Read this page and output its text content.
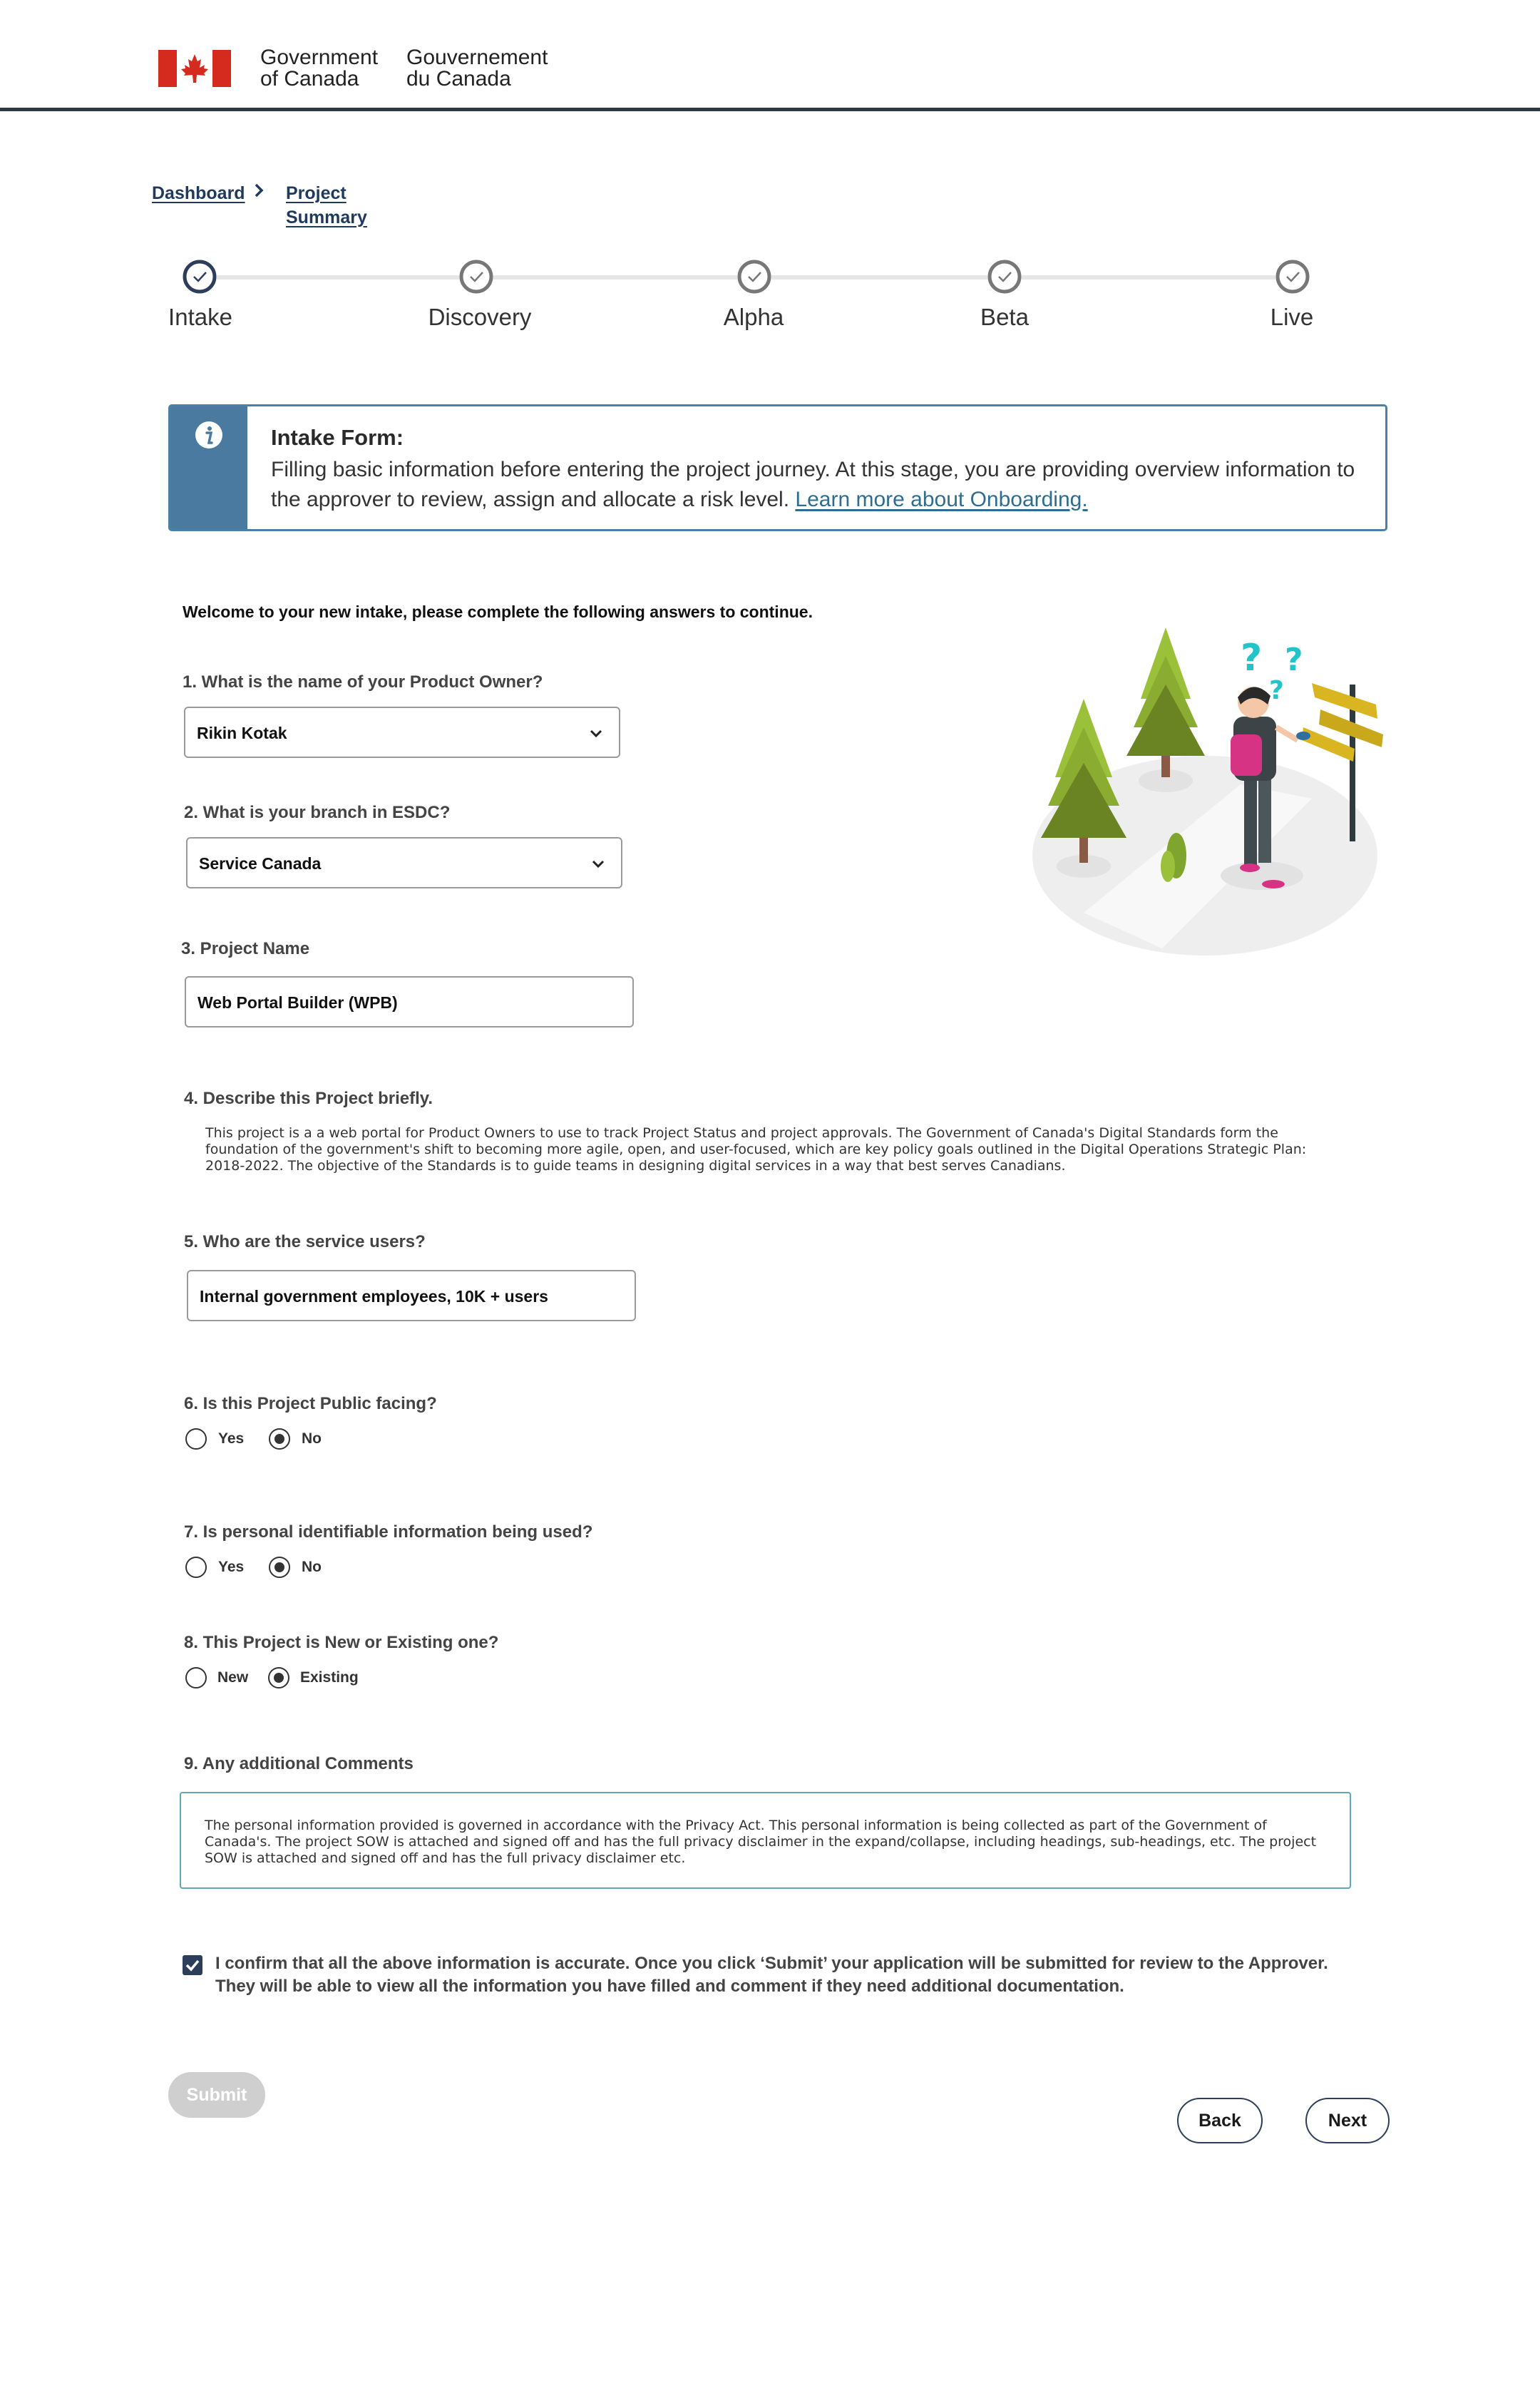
Government
of Canada
Gouvernement
du Canada
Dashboard Project
Summary
Intake	Discovery	Alpha	Beta	Live
Intake Form:
Filling basic information before entering the project journey. At this stage, you are providing overview information to the approver to review, assign and allocate a risk level. Learn more about Onboarding.
? ?
?
Welcome to your new intake, please complete the following answers to continue.
1. What is the name of your Product Owner?
Rikin Kotak
2. What is your branch in ESDC?
Service Canada
3. Project Name
Web Portal Builder (WPB)
4. Describe this Project briefly.
This project is a a web portal for Product Owners to use to track Project Status and project approvals. The Government of Canada's Digital Standards form the foundation of the government's shift to becoming more agile, open, and user-focused, which are key policy goals outlined in the Digital Operations Strategic Plan: 2018-2022. The objective of the Standards is to guide teams in designing digital services in a way that best serves Canadians.
5. Who are the service users?
Internal government employees, 10K + users
6. Is this Project Public facing?
Yes	No
7. Is personal identifiable information being used?
Yes	No
8. This Project is New or Existing one?
New	Existing
9. Any additional Comments
The personal information provided is governed in accordance with the Privacy Act. This personal information is being collected as part of the Government of Canada's. The project SOW is attached and signed off and has the full privacy disclaimer in the expand/collapse, including headings, sub-headings, etc. The project SOW is attached and signed off and has the full privacy disclaimer etc.
I confirm that all the above information is accurate. Once you click ‘Submit’ your application will be submitted for review to the Approver.
They will be able to view all the information you have filled and comment if they need additional documentation.
Submit
Back	Next
